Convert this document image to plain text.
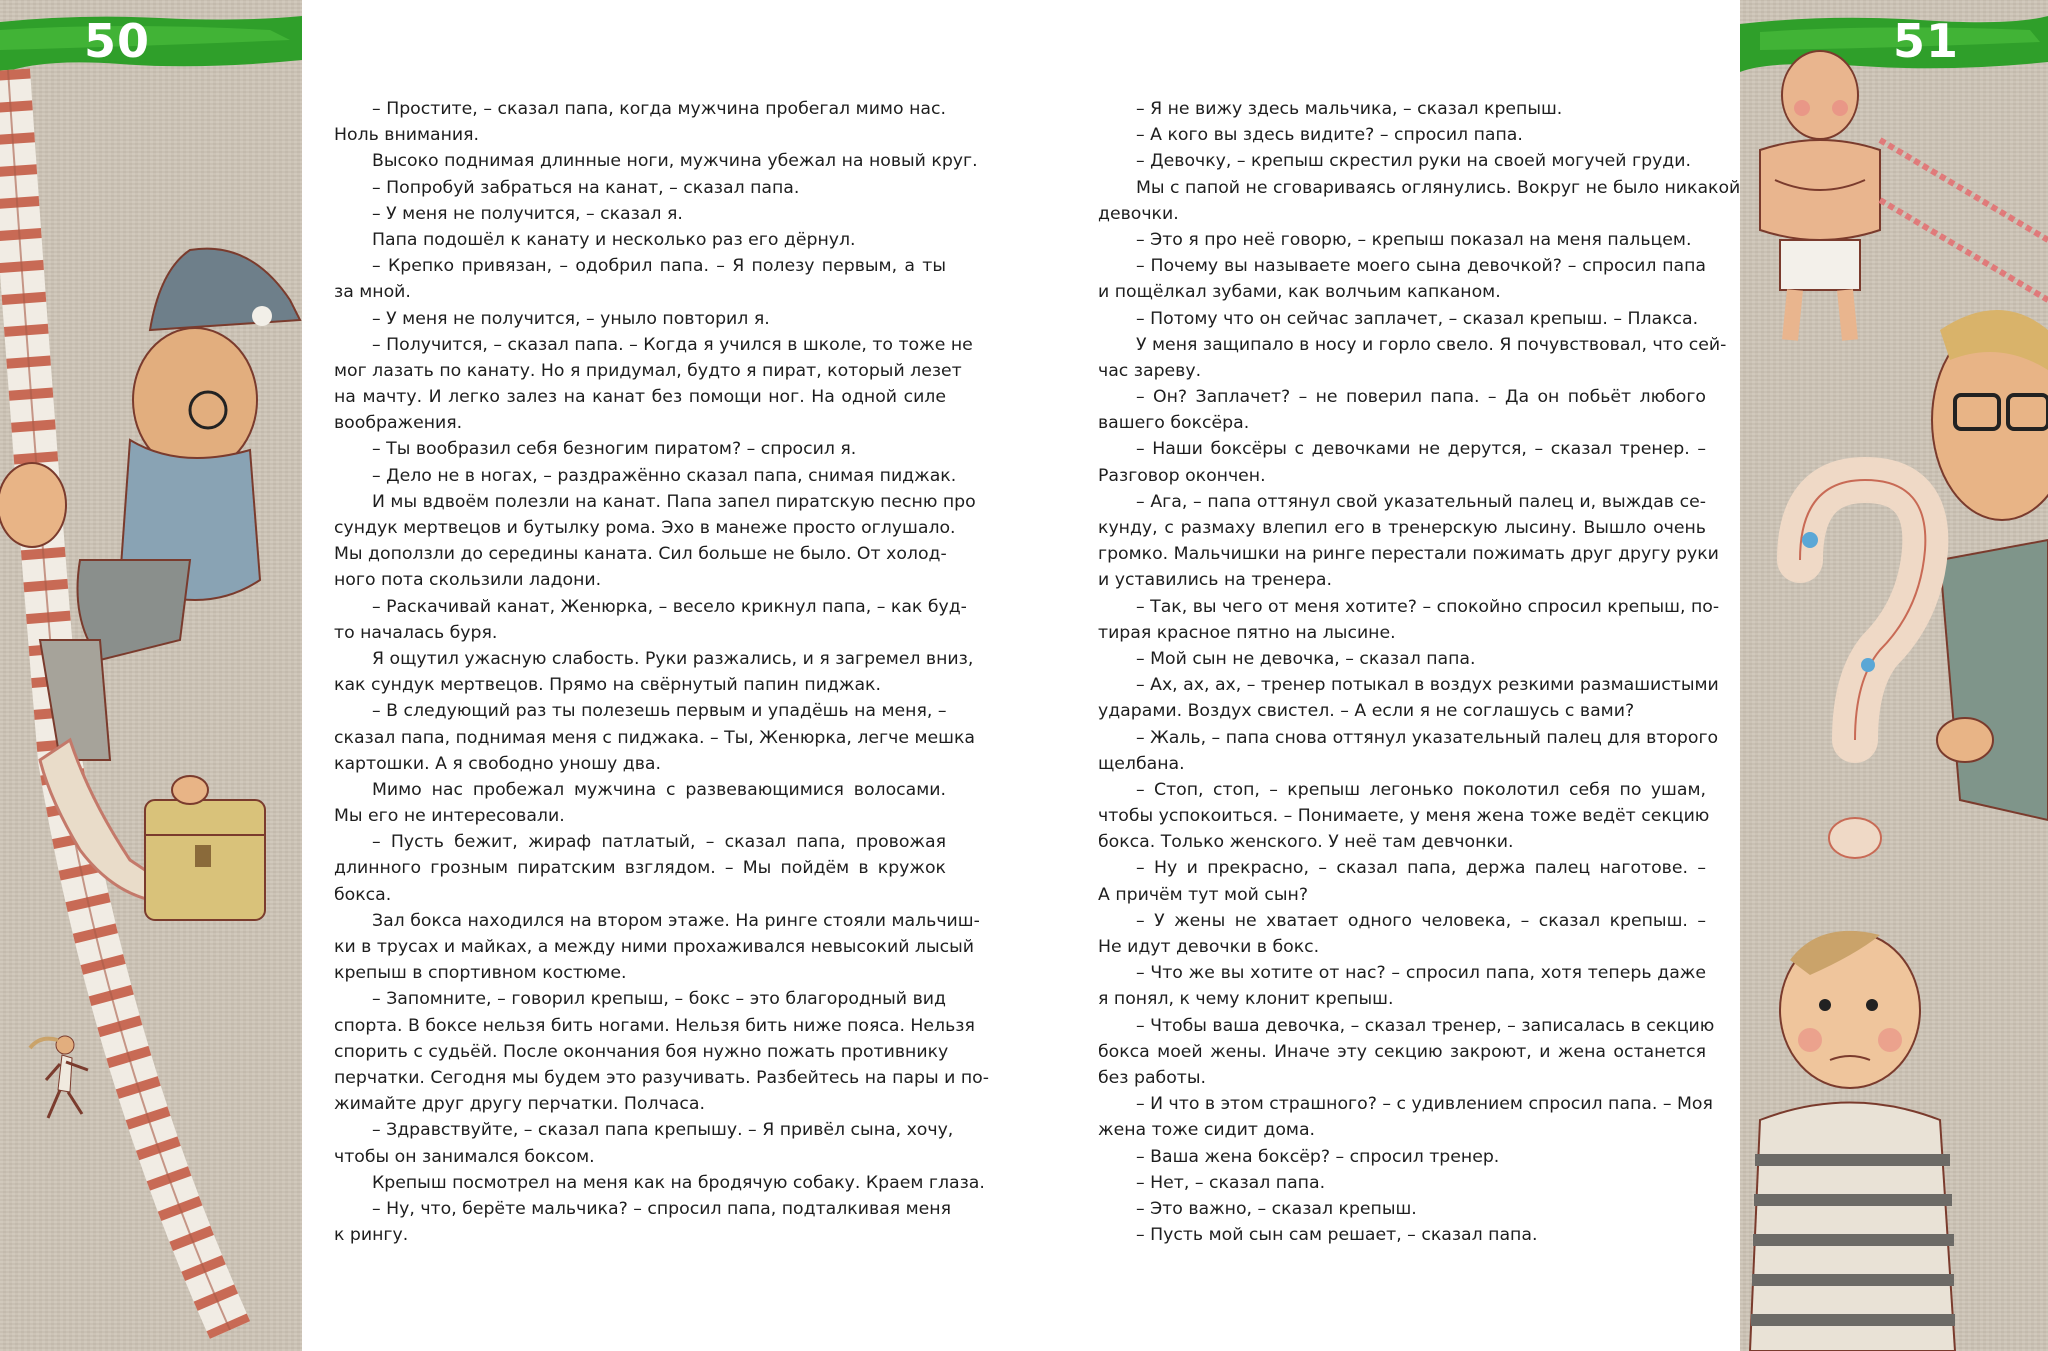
50
– Простите, – сказал папа, когда мужчина пробегал мимо нас.
Ноль внимания.
Высоко поднимая длинные ноги, мужчина убежал на новый круг.
– Попробуй забраться на канат, – сказал папа.
– У меня не получится, – сказал я.
Папа подошёл к канату и несколько раз его дёрнул.
– Крепко привязан, – одобрил папа. – Я полезу первым, а ты
за мной.
– У меня не получится, – уныло повторил я.
– Получится, – сказал папа. – Когда я учился в школе, то тоже не
мог лазать по канату. Но я придумал, будто я пират, который лезет
на мачту. И легко залез на канат без помощи ног. На одной силе
воображения.
– Ты вообразил себя безногим пиратом? – спросил я.
– Дело не в ногах, – раздражённо сказал папа, снимая пиджак.
И мы вдвоём полезли на канат. Папа запел пиратскую песню про
сундук мертвецов и бутылку рома. Эхо в манеже просто оглушало.
Мы доползли до середины каната. Сил больше не было. От холод-
ного пота скользили ладони.
– Раскачивай канат, Женюрка, – весело крикнул папа, – как буд-
то началась буря.
Я ощутил ужасную слабость. Руки разжались, и я загремел вниз,
как сундук мертвецов. Прямо на свёрнутый папин пиджак.
– В следующий раз ты полезешь первым и упадёшь на меня, –
сказал папа, поднимая меня с пиджака. – Ты, Женюрка, легче мешка
картошки. А я свободно уношу два.
Мимо нас пробежал мужчина с развевающимися волосами.
Мы его не интересовали.
– Пусть бежит, жираф патлатый, – сказал папа, провожая
длинного грозным пиратским взглядом. – Мы пойдём в кружок
бокса.
Зал бокса находился на втором этаже. На ринге стояли мальчиш-
ки в трусах и майках, а между ними прохаживался невысокий лысый
крепыш в спортивном костюме.
– Запомните, – говорил крепыш, – бокс – это благородный вид
спорта. В боксе нельзя бить ногами. Нельзя бить ниже пояса. Нельзя
спорить с судьёй. После окончания боя нужно пожать противнику
перчатки. Сегодня мы будем это разучивать. Разбейтесь на пары и по-
жимайте друг другу перчатки. Полчаса.
– Здравствуйте, – сказал папа крепышу. – Я привёл сына, хочу,
чтобы он занимался боксом.
Крепыш посмотрел на меня как на бродячую собаку. Краем глаза.
– Ну, что, берёте мальчика? – спросил папа, подталкивая меня
к рингу.
– Я не вижу здесь мальчика, – сказал крепыш.
– А кого вы здесь видите? – спросил папа.
– Девочку, – крепыш скрестил руки на своей могучей груди.
Мы с папой не сговариваясь оглянулись. Вокруг не было никакой
девочки.
– Это я про неё говорю, – крепыш показал на меня пальцем.
– Почему вы называете моего сына девочкой? – спросил папа
и пощёлкал зубами, как волчьим капканом.
– Потому что он сейчас заплачет, – сказал крепыш. – Плакса.
У меня защипало в носу и горло свело. Я почувствовал, что сей-
час зареву.
– Он? Заплачет? – не поверил папа. – Да он побьёт любого
вашего боксёра.
– Наши боксёры с девочками не дерутся, – сказал тренер. –
Разговор окончен.
– Ага, – папа оттянул свой указательный палец и, выждав се-
кунду, с размаху влепил его в тренерскую лысину. Вышло очень
громко. Мальчишки на ринге перестали пожимать друг другу руки
и уставились на тренера.
– Так, вы чего от меня хотите? – спокойно спросил крепыш, по-
тирая красное пятно на лысине.
– Мой сын не девочка, – сказал папа.
– Ах, ах, ах, – тренер потыкал в воздух резкими размашистыми
ударами. Воздух свистел. – А если я не соглашусь с вами?
– Жаль, – папа снова оттянул указательный палец для второго
щелбана.
– Стоп, стоп, – крепыш легонько поколотил себя по ушам,
чтобы успокоиться. – Понимаете, у меня жена тоже ведёт секцию
бокса. Только женского. У неё там девчонки.
– Ну и прекрасно, – сказал папа, держа палец наготове. –
А причём тут мой сын?
– У жены не хватает одного человека, – сказал крепыш. –
Не идут девочки в бокс.
– Что же вы хотите от нас? – спросил папа, хотя теперь даже
я понял, к чему клонит крепыш.
– Чтобы ваша девочка, – сказал тренер, – записалась в секцию
бокса моей жены. Иначе эту секцию закроют, и жена останется
без работы.
– И что в этом страшного? – с удивлением спросил папа. – Моя
жена тоже сидит дома.
– Ваша жена боксёр? – спросил тренер.
– Нет, – сказал папа.
– Это важно, – сказал крепыш.
– Пусть мой сын сам решает, – сказал папа.
51
